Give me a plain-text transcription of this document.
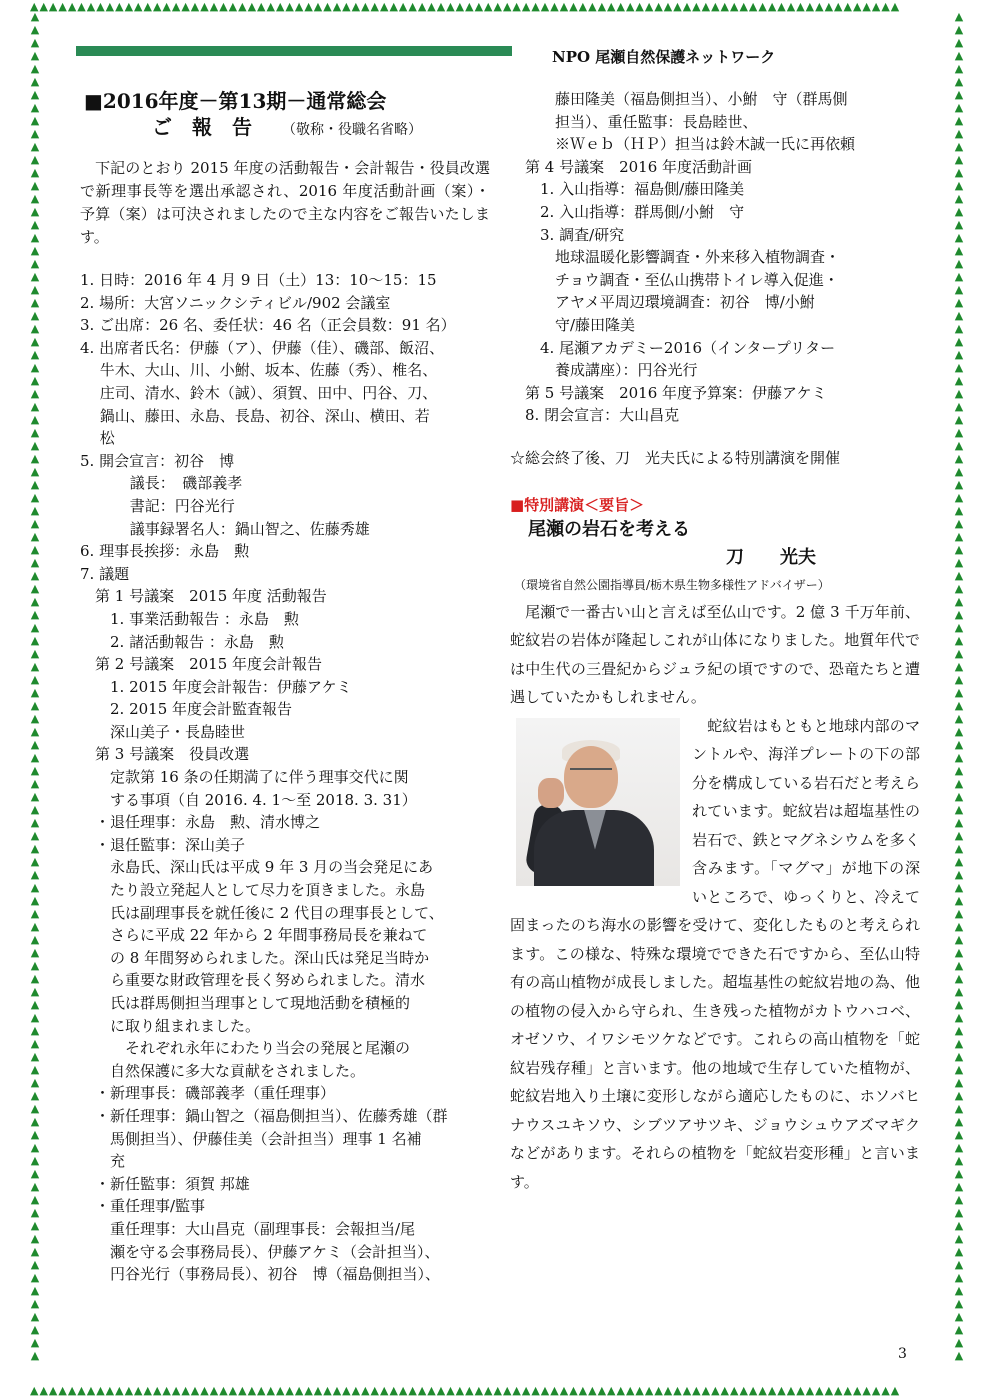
▲▲▲▲▲▲▲▲▲▲▲▲▲▲▲▲▲▲▲▲▲▲▲▲▲▲▲▲▲▲▲▲▲▲▲▲▲▲▲▲▲▲▲▲▲▲▲▲▲▲▲▲▲▲▲▲▲▲▲▲▲▲▲▲▲▲▲▲▲▲▲▲▲▲▲▲▲▲▲▲▲▲▲▲▲▲▲▲▲▲▲▲
▲▲▲▲▲▲▲▲▲▲▲▲▲▲▲▲▲▲▲▲▲▲▲▲▲▲▲▲▲▲▲▲▲▲▲▲▲▲▲▲▲▲▲▲▲▲▲▲▲▲▲▲▲▲▲▲▲▲▲▲▲▲▲▲▲▲▲▲▲▲▲▲▲▲▲▲▲▲▲▲▲▲▲▲▲▲▲▲▲▲▲▲
▲▲▲▲▲▲▲▲▲▲▲▲▲▲▲▲▲▲▲▲▲▲▲▲▲▲▲▲▲▲▲▲▲▲▲▲▲▲▲▲▲▲▲▲▲▲▲▲▲▲▲▲▲▲▲▲▲▲▲▲▲▲▲▲▲▲▲▲▲▲▲▲▲▲▲▲▲▲▲▲▲▲▲▲▲▲▲▲▲▲▲▲▲▲▲▲▲▲▲▲▲▲▲▲
▲▲▲▲▲▲▲▲▲▲▲▲▲▲▲▲▲▲▲▲▲▲▲▲▲▲▲▲▲▲▲▲▲▲▲▲▲▲▲▲▲▲▲▲▲▲▲▲▲▲▲▲▲▲▲▲▲▲▲▲▲▲▲▲▲▲▲▲▲▲▲▲▲▲▲▲▲▲▲▲▲▲▲▲▲▲▲▲▲▲▲▲▲▲▲▲▲▲▲▲▲▲▲▲
NPO 尾瀬自然保護ネットワーク
■2016年度－第13期－通常総会
ご　報　告 （敬称・役職名省略）
　下記のとおり 2015 年度の活動報告・会計報告・役員改選で新理事長等を選出承認され、2016 年度活動計画（案）・予算（案）は可決されましたので主な内容をご報告いたします。
1. 日時：2016 年 4 月 9 日（土）13：10～15：15
2. 場所：大宮ソニックシティビル/902 会議室
3. ご出席：26 名、委任状：46 名（正会員数：91 名）
4. 出席者氏名：伊藤（ア）、伊藤（佳）、磯部、飯沼、
　 牛木、大山、川、小鮒、坂本、佐藤（秀）、椎名、
　 庄司、清水、鈴木（誠）、須賀、田中、円谷、刀、
　 鍋山、藤田、永島、長島、初谷、深山、横田、若
　 松
5. 開会宣言：初谷　博
　　　 議長：　磯部義孝
　　　 書記：円谷光行
　　　 議事録署名人：鍋山智之、佐藤秀雄
6. 理事長挨拶：永島　勲
7. 議題
　第 1 号議案　2015 年度 活動報告
　　1. 事業活動報告 ：永島　勲
　　2. 諸活動報告 ：永島　勲
　第 2 号議案　2015 年度会計報告
　　1. 2015 年度会計報告：伊藤アケミ
　　2. 2015 年度会計監査報告
　　深山美子・長島睦世
　第 3 号議案　役員改選
　　定款第 16 条の任期満了に伴う理事交代に関
　　する事項（自 2016. 4. 1～至 2018. 3. 31）
　・退任理事：永島　勲、清水博之
　・退任監事：深山美子
　　永島氏、深山氏は平成 9 年 3 月の当会発足にあ
　　たり設立発起人として尽力を頂きました。永島
　　氏は副理事長を就任後に 2 代目の理事長として、
　　さらに平成 22 年から 2 年間事務局長を兼ねて
　　の 8 年間努められました。深山氏は発足当時か
　　ら重要な財政管理を長く努められました。清水
　　氏は群馬側担当理事として現地活動を積極的
　　に取り組まれました。
　　　それぞれ永年にわたり当会の発展と尾瀬の
　　自然保護に多大な貢献をされました。
　・新理事長：磯部義孝（重任理事）
　・新任理事：鍋山智之（福島側担当）、佐藤秀雄（群
　　馬側担当）、伊藤佳美（会計担当）理事 1 名補
　　充
　・新任監事：須賀 邦雄
　・重任理事/監事
　　重任理事：大山昌克（副理事長：会報担当/尾
　　瀬を守る会事務局長）、伊藤アケミ（会計担当）、
　　円谷光行（事務局長）、初谷　博（福島側担当）、
　　　藤田隆美（福島側担当）、小鮒　守（群馬側
　　　担当）、重任監事：長島睦世、
　　　※Ｗｅｂ（ＨＰ）担当は鈴木誠一氏に再依頼
　第 4 号議案　2016 年度活動計画
　　1. 入山指導：福島側/藤田隆美
　　2. 入山指導：群馬側/小鮒　守
　　3. 調査/研究
　　　地球温暖化影響調査・外来移入植物調査・
　　　チョウ調査・至仏山携帯トイレ導入促進・
　　　アヤメ平周辺環境調査：初谷　博/小鮒
　　　守/藤田隆美
　　4. 尾瀬アカデミー2016（インタープリター
　　　養成講座）：円谷光行
　第 5 号議案　2016 年度予算案：伊藤アケミ
　8. 閉会宣言：大山昌克
☆総会終了後、刀　光夫氏による特別講演を開催
■特別講演＜要旨＞
尾瀬の岩石を考える
刀　　光夫
（環境省自然公園指導員/栃木県生物多様性アドバイザー）
　尾瀬で一番古い山と言えば至仏山です。2 億 3 千万年前、蛇紋岩の岩体が隆起しこれが山体になりました。地質年代では中生代の三畳紀からジュラ紀の頃ですので、恐竜たちと遭遇していたかもしれません。
　蛇紋岩はもともと地球内部のマントルや、海洋プレートの下の部分を構成している岩石だと考えられています。蛇紋岩は超塩基性の岩石で、鉄とマグネシウムを多く含みます。「マグマ」が地下の深いところで、ゆっくりと、冷えて固まったのち海水の影響を受けて、変化したものと考えられます。この様な、特殊な環境でできた石ですから、至仏山特有の高山植物が成長しました。超塩基性の蛇紋岩地の為、他の植物の侵入から守られ、生き残った植物がカトウハコベ、オゼソウ、イワシモツケなどです。これらの高山植物を「蛇紋岩残存種」と言います。他の地域で生存していた植物が、蛇紋岩地入り土壌に変形しながら適応したものに、ホソバヒナウスユキソウ、シブツアサツキ、ジョウシュウアズマギクなどがあります。それらの植物を「蛇紋岩変形種」と言います。
3
